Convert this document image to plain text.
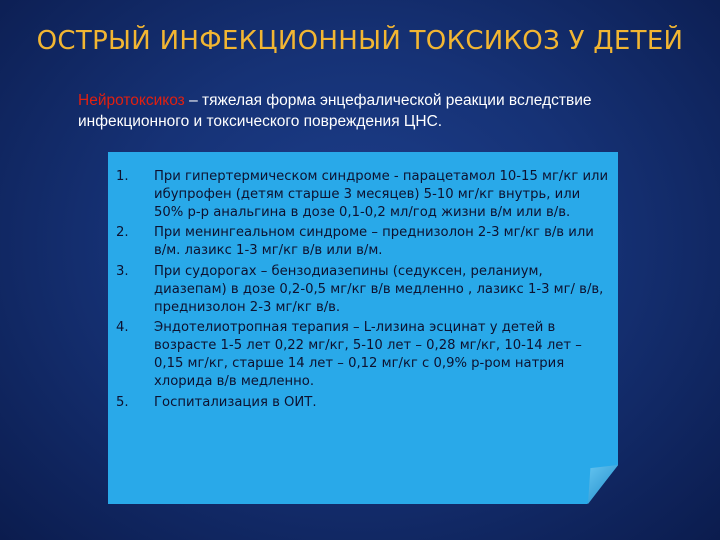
ОСТРЫЙ ИНФЕКЦИОННЫЙ ТОКСИКОЗ У ДЕТЕЙ
Нейротоксикоз – тяжелая форма энцефалической реакции вследствие инфекционного и токсического повреждения ЦНС.
1.	При гипертермическом синдроме - парацетамол 10-15 мг/кг или ибупрофен (детям старше 3 месяцев) 5-10 мг/кг внутрь, или 50% р-р анальгина в дозе 0,1-0,2 мл/год жизни в/м или в/в.
2.	При менингеальном синдроме – преднизолон 2-3 мг/кг в/в или в/м. лазикс 1-3 мг/кг в/в или в/м.
3.	При судорогах – бензодиазепины (седуксен, реланиум, диазепам) в дозе 0,2-0,5 мг/кг в/в медленно , лазикс 1-3 мг/ в/в, преднизолон 2-3 мг/кг в/в.
4.	Эндотелиотропная терапия – L-лизина эсцинат у детей в возрасте 1-5 лет 0,22 мг/кг, 5-10 лет – 0,28 мг/кг, 10-14 лет – 0,15 мг/кг, старше 14 лет – 0,12 мг/кг с 0,9% р-ром натрия хлорида в/в медленно.
5.	Госпитализация в ОИТ.
